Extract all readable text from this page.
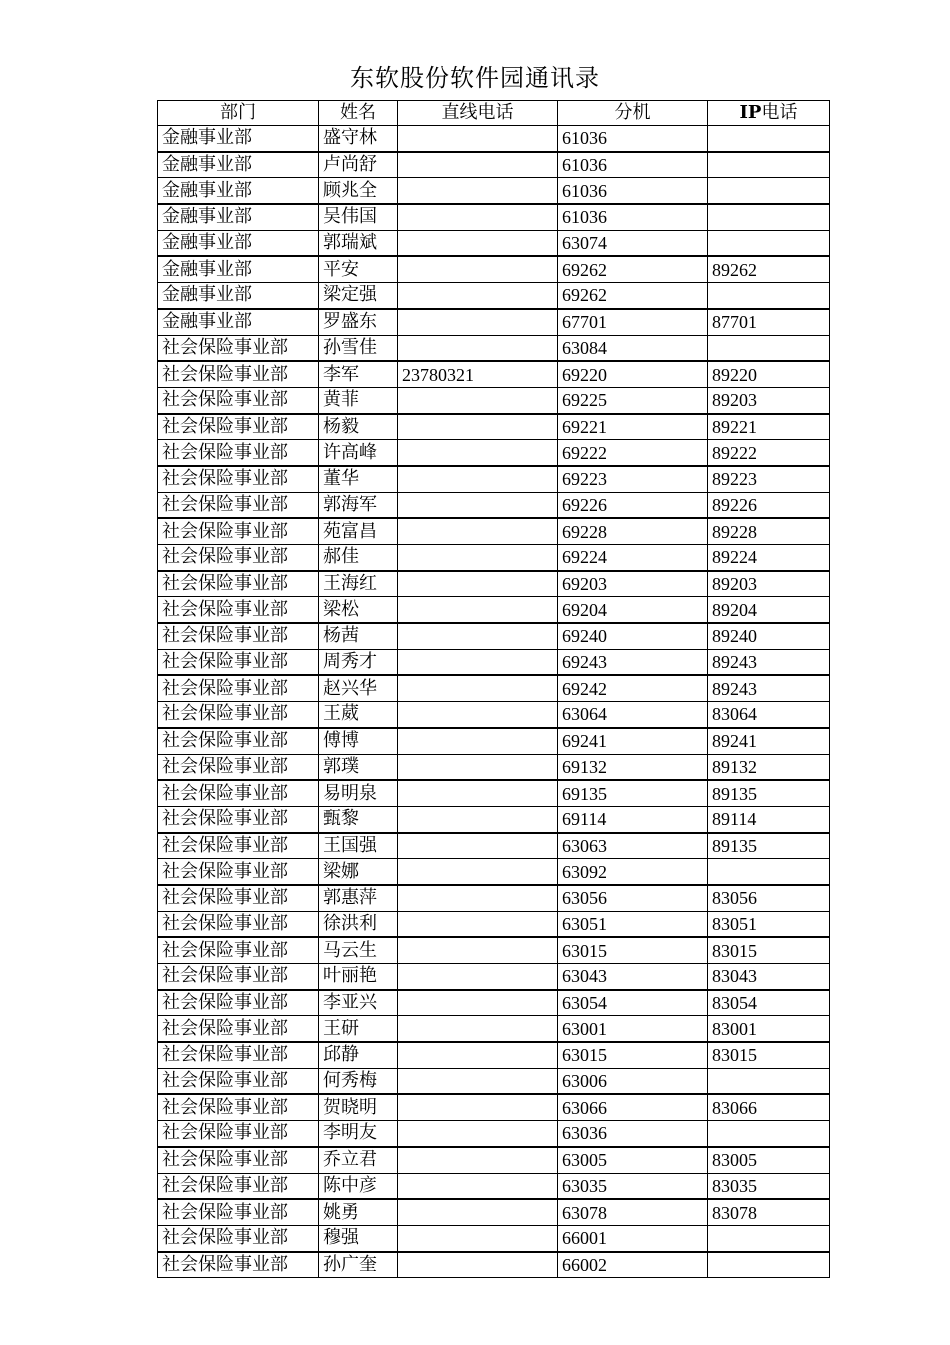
东软股份软件园通讯录
部门	姓名	直线电话	分机	IP电话
金融事业部	盛守林		61036	
金融事业部	卢尚舒		61036	
金融事业部	顾兆全		61036	
金融事业部	吴伟国		61036	
金融事业部	郭瑞斌		63074	
金融事业部	平安		69262	89262
金融事业部	梁定强		69262	
金融事业部	罗盛东		67701	87701
社会保险事业部	孙雪佳		63084	
社会保险事业部	李军	23780321	69220	89220
社会保险事业部	黄菲		69225	89203
社会保险事业部	杨毅		69221	89221
社会保险事业部	许高峰		69222	89222
社会保险事业部	董华		69223	89223
社会保险事业部	郭海军		69226	89226
社会保险事业部	苑富昌		69228	89228
社会保险事业部	郝佳		69224	89224
社会保险事业部	王海红		69203	89203
社会保险事业部	梁松		69204	89204
社会保险事业部	杨茜		69240	89240
社会保险事业部	周秀才		69243	89243
社会保险事业部	赵兴华		69242	89243
社会保险事业部	王葳		63064	83064
社会保险事业部	傅博		69241	89241
社会保险事业部	郭璞		69132	89132
社会保险事业部	易明泉		69135	89135
社会保险事业部	甄黎		69114	89114
社会保险事业部	王国强		63063	89135
社会保险事业部	梁娜		63092	
社会保险事业部	郭惠萍		63056	83056
社会保险事业部	徐洪利		63051	83051
社会保险事业部	马云生		63015	83015
社会保险事业部	叶丽艳		63043	83043
社会保险事业部	李亚兴		63054	83054
社会保险事业部	王研		63001	83001
社会保险事业部	邱静		63015	83015
社会保险事业部	何秀梅		63006	
社会保险事业部	贺晓明		63066	83066
社会保险事业部	李明友		63036	
社会保险事业部	乔立君		63005	83005
社会保险事业部	陈中彦		63035	83035
社会保险事业部	姚勇		63078	83078
社会保险事业部	穆强		66001	
社会保险事业部	孙广奎		66002	
